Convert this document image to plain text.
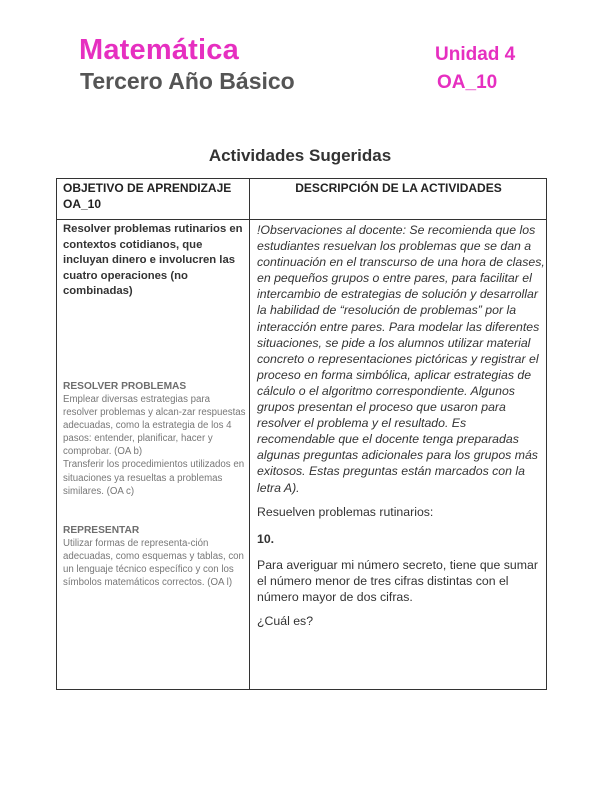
Matemática
Tercero Año Básico
Unidad 4
OA_10
Actividades Sugeridas
OBJETIVO DE APRENDIZAJE OA_10
DESCRIPCIÓN DE LA ACTIVIDADES
Resolver problemas rutinarios en contextos cotidianos, que incluyan dinero e involucren las cuatro operaciones (no combinadas)
RESOLVER PROBLEMAS
Emplear diversas estrategias para resolver problemas y alcan-zar respuestas adecuadas, como la estrategia de los 4 pasos: entender, planificar, hacer y comprobar. (OA b)
Transferir los procedimientos utilizados en situaciones ya resueltas a problemas similares. (OA c)
REPRESENTAR
Utilizar formas de representa-ción adecuadas, como esquemas y tablas, con un lenguaje técnico específico y con los símbolos matemáticos correctos. (OA l)
!Observaciones al docente: Se recomienda que los estudiantes resuelvan los problemas que se dan a continuación en el transcurso de una hora de clases, en pequeños grupos o entre pares, para facilitar el intercambio de estrategias de solución y desarrollar la habilidad de “resolución de problemas” por la interacción entre pares. Para modelar las diferentes situaciones, se pide a los alumnos utilizar material concreto o representaciones pictóricas y registrar el proceso en forma simbólica, aplicar estrategias de cálculo o el algoritmo correspondiente. Algunos grupos presentan el proceso que usaron para resolver el problema y el resultado. Es recomendable que el docente tenga preparadas algunas preguntas adicionales para los grupos más exitosos. Estas preguntas están marcados con la letra A).
Resuelven problemas rutinarios:
10.
Para averiguar mi número secreto, tiene que sumar el número menor de tres cifras distintas con el número mayor de dos cifras.
¿Cuál es?
